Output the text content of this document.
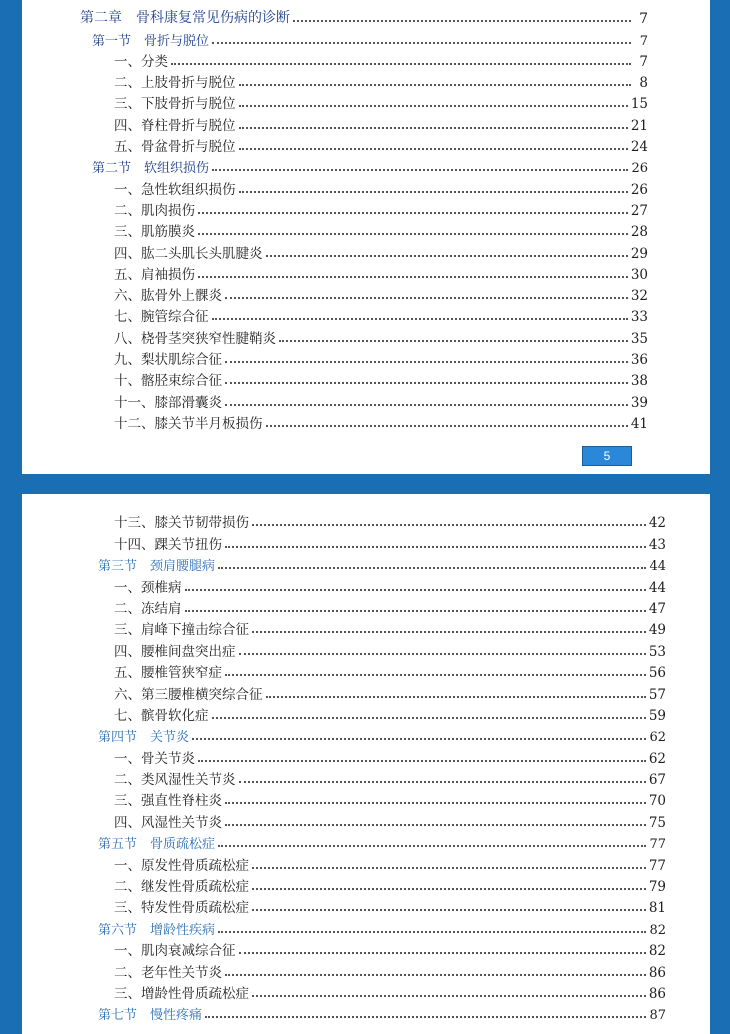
第二章　骨科康复常见伤病的诊断	7
第一节　骨折与脱位	7
一、分类	7
二、上肢骨折与脱位	8
三、下肢骨折与脱位	15
四、脊柱骨折与脱位	21
五、骨盆骨折与脱位	24
第二节　软组织损伤	26
一、急性软组织损伤	26
二、肌肉损伤	27
三、肌筋膜炎	28
四、肱二头肌长头肌腱炎	29
五、肩袖损伤	30
六、肱骨外上髁炎	32
七、腕管综合征	33
八、桡骨茎突狭窄性腱鞘炎	35
九、梨状肌综合征	36
十、髂胫束综合征	38
十一、膝部滑囊炎	39
十二、膝关节半月板损伤	41
5
十三、膝关节韧带损伤	42
十四、踝关节扭伤	43
第三节　颈肩腰腿病	44
一、颈椎病	44
二、冻结肩	47
三、肩峰下撞击综合征	49
四、腰椎间盘突出症	53
五、腰椎管狭窄症	56
六、第三腰椎横突综合征	57
七、髌骨软化症	59
第四节　关节炎	62
一、骨关节炎	62
二、类风湿性关节炎	67
三、强直性脊柱炎	70
四、风湿性关节炎	75
第五节　骨质疏松症	77
一、原发性骨质疏松症	77
二、继发性骨质疏松症	79
三、特发性骨质疏松症	81
第六节　增龄性疾病	82
一、肌肉衰减综合征	82
二、老年性关节炎	86
三、增龄性骨质疏松症	86
第七节　慢性疼痛	87
